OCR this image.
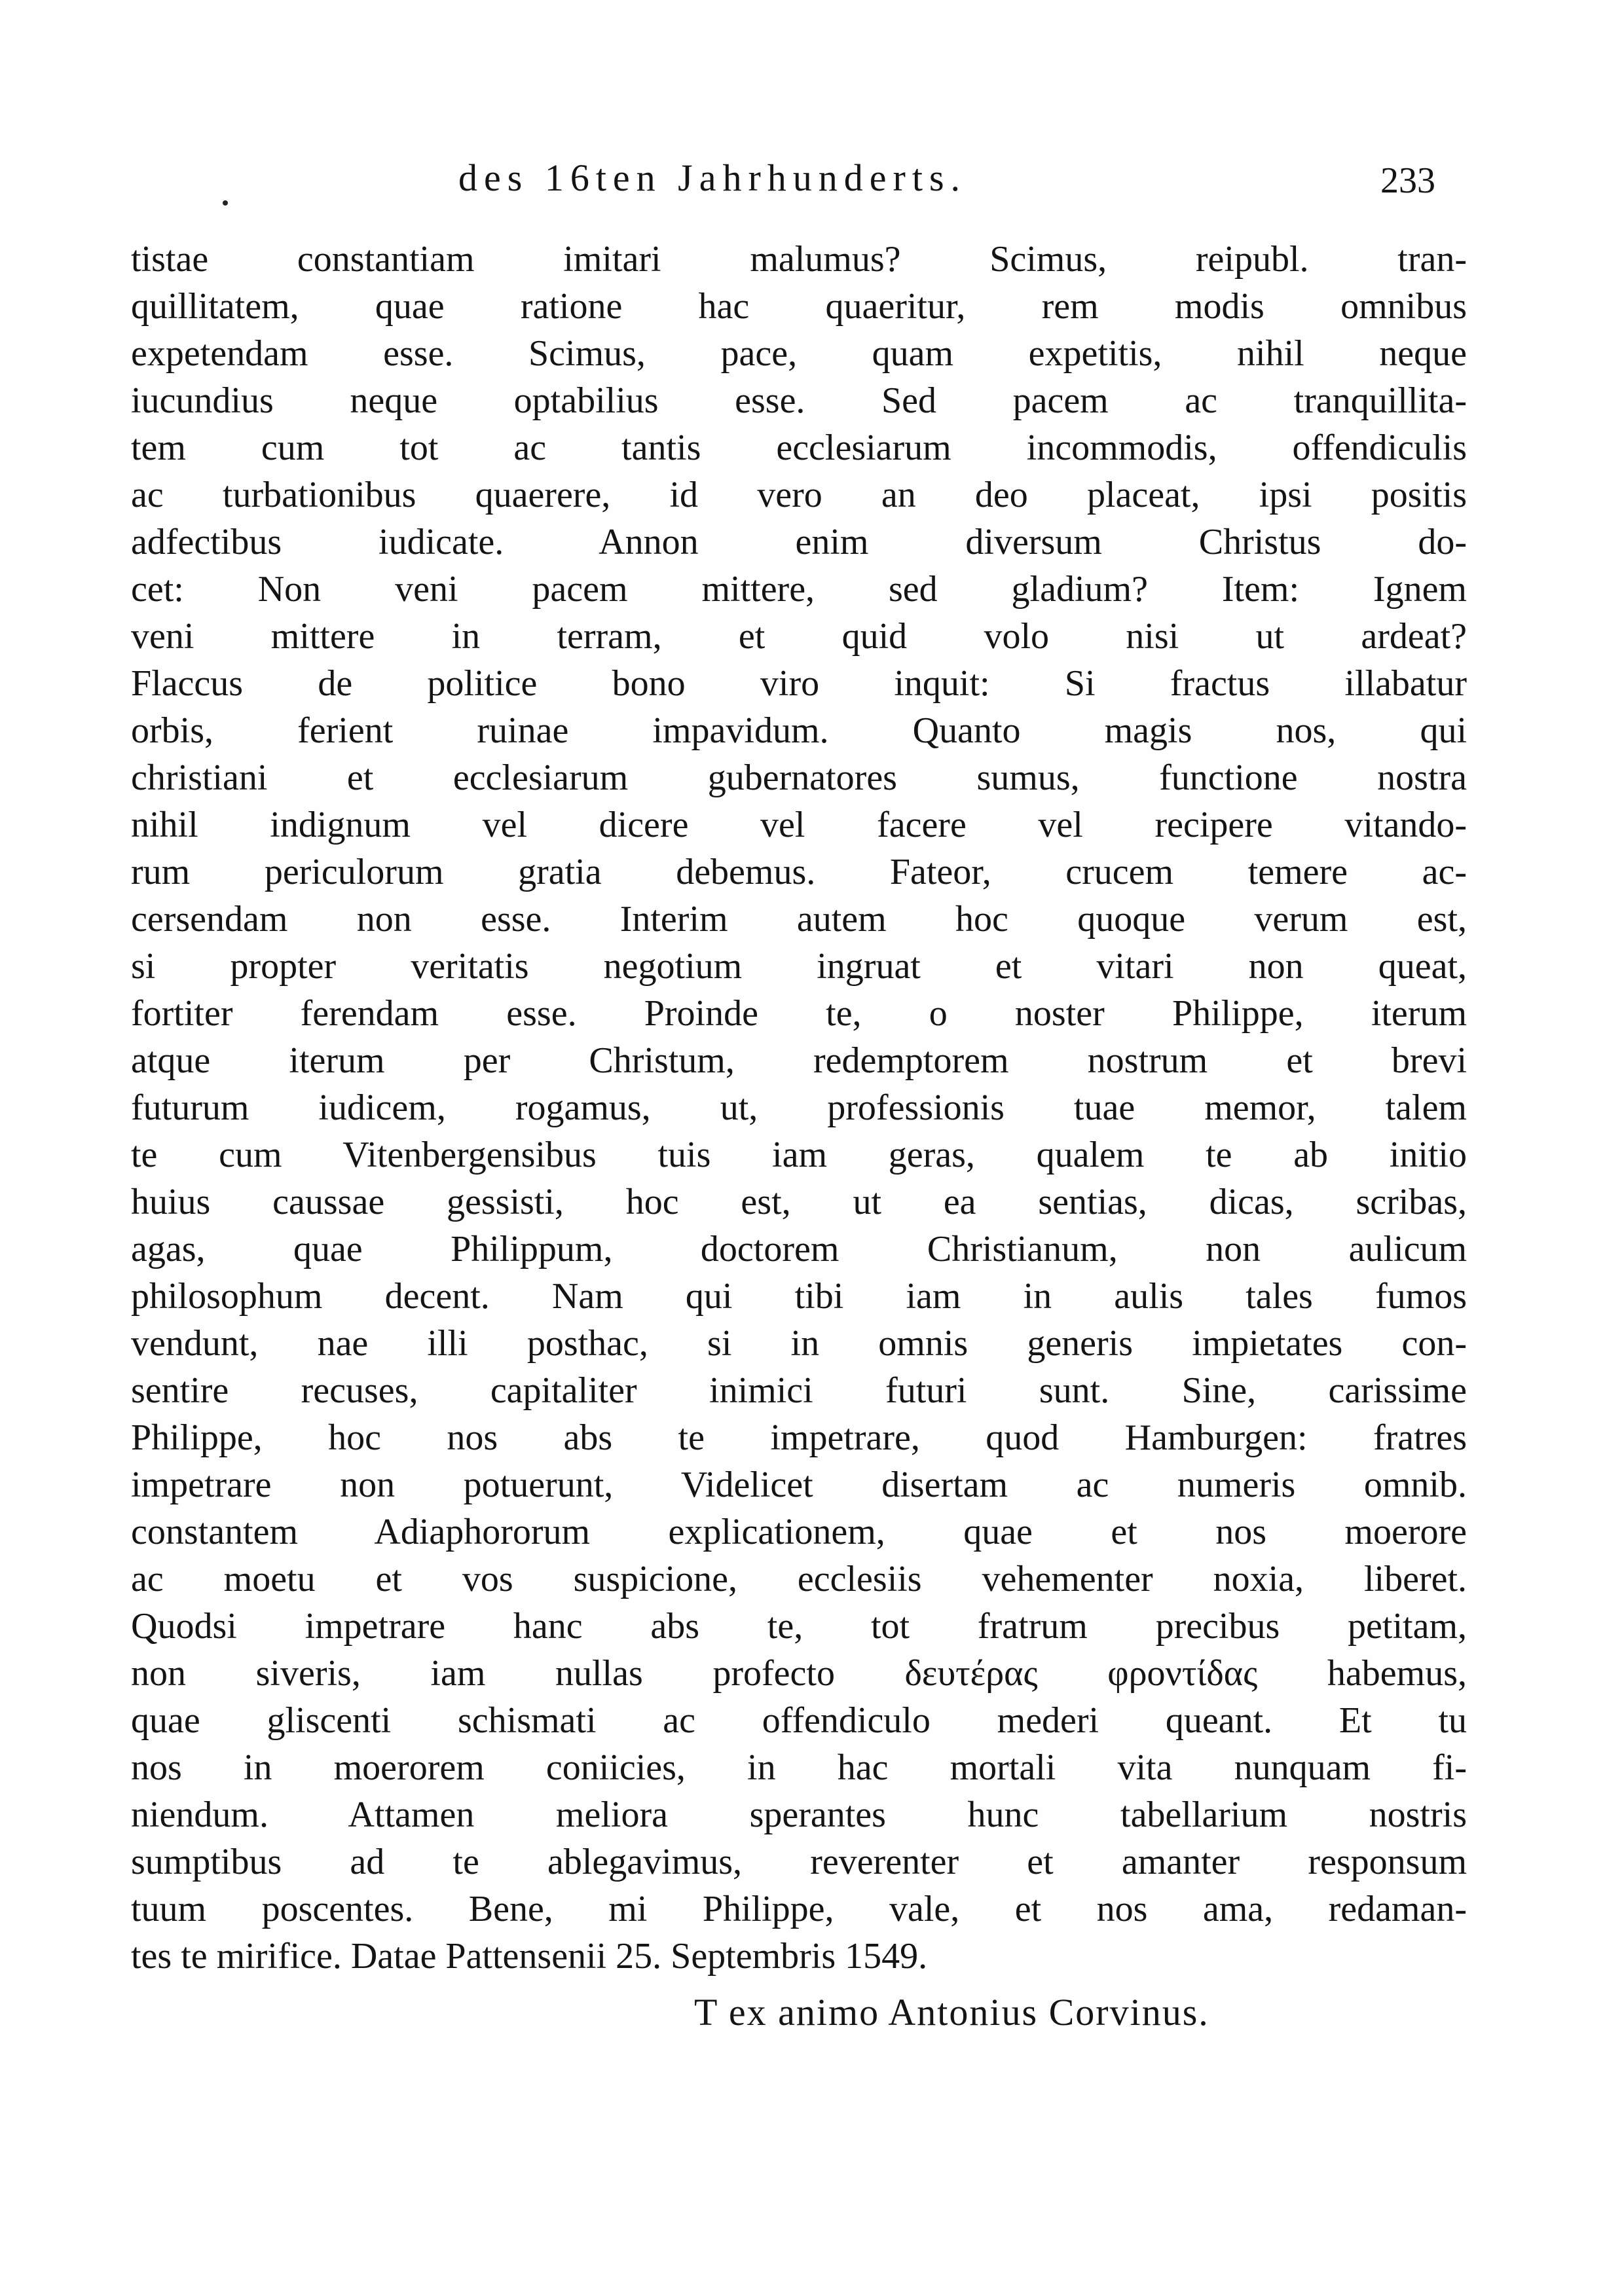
des 16ten Jahrhunderts.	233
tistae constantiam imitari malumus? Scimus, reipubl. tran-
quillitatem, quae ratione hac quaeritur, rem modis omnibus
expetendam esse. Scimus, pace, quam expetitis, nihil neque
iucundius neque optabilius esse. Sed pacem ac tranquillita-
tem cum tot ac tantis ecclesiarum incommodis, offendiculis
ac turbationibus quaerere, id vero an deo placeat, ipsi positis
adfectibus iudicate. Annon enim diversum Christus do-
cet: Non veni pacem mittere, sed gladium? Item: Ignem
veni mittere in terram, et quid volo nisi ut ardeat?
Flaccus de politice bono viro inquit: Si fractus illabatur
orbis, ferient ruinae impavidum. Quanto magis nos, qui
christiani et ecclesiarum gubernatores sumus, functione nostra
nihil indignum vel dicere vel facere vel recipere vitando-
rum periculorum gratia debemus. Fateor, crucem temere ac-
cersendam non esse. Interim autem hoc quoque verum est,
si propter veritatis negotium ingruat et vitari non queat,
fortiter ferendam esse. Proinde te, o noster Philippe, iterum
atque iterum per Christum, redemptorem nostrum et brevi
futurum iudicem, rogamus, ut, professionis tuae memor, talem
te cum Vitenbergensibus tuis iam geras, qualem te ab initio
huius caussae gessisti, hoc est, ut ea sentias, dicas, scribas,
agas, quae Philippum, doctorem Christianum, non aulicum
philosophum decent. Nam qui tibi iam in aulis tales fumos
vendunt, nae illi posthac, si in omnis generis impietates con-
sentire recuses, capitaliter inimici futuri sunt. Sine, carissime
Philippe, hoc nos abs te impetrare, quod Hamburgen: fratres
impetrare non potuerunt, Videlicet disertam ac numeris omnib.
constantem Adiaphororum explicationem, quae et nos moerore
ac moetu et vos suspicione, ecclesiis vehementer noxia, liberet.
Quodsi impetrare hanc abs te, tot fratrum precibus petitam,
non siveris, iam nullas profecto δευτέρας φροντίδας habemus,
quae gliscenti schismati ac offendiculo mederi queant. Et tu
nos in moerorem coniicies, in hac mortali vita nunquam fi-
niendum. Attamen meliora sperantes hunc tabellarium nostris
sumptibus ad te ablegavimus, reverenter et amanter responsum
tuum poscentes. Bene, mi Philippe, vale, et nos ama, redaman-
tes te mirifice. Datae Pattensenii 25. Septembris 1549.
T ex animo Antonius Corvinus.
